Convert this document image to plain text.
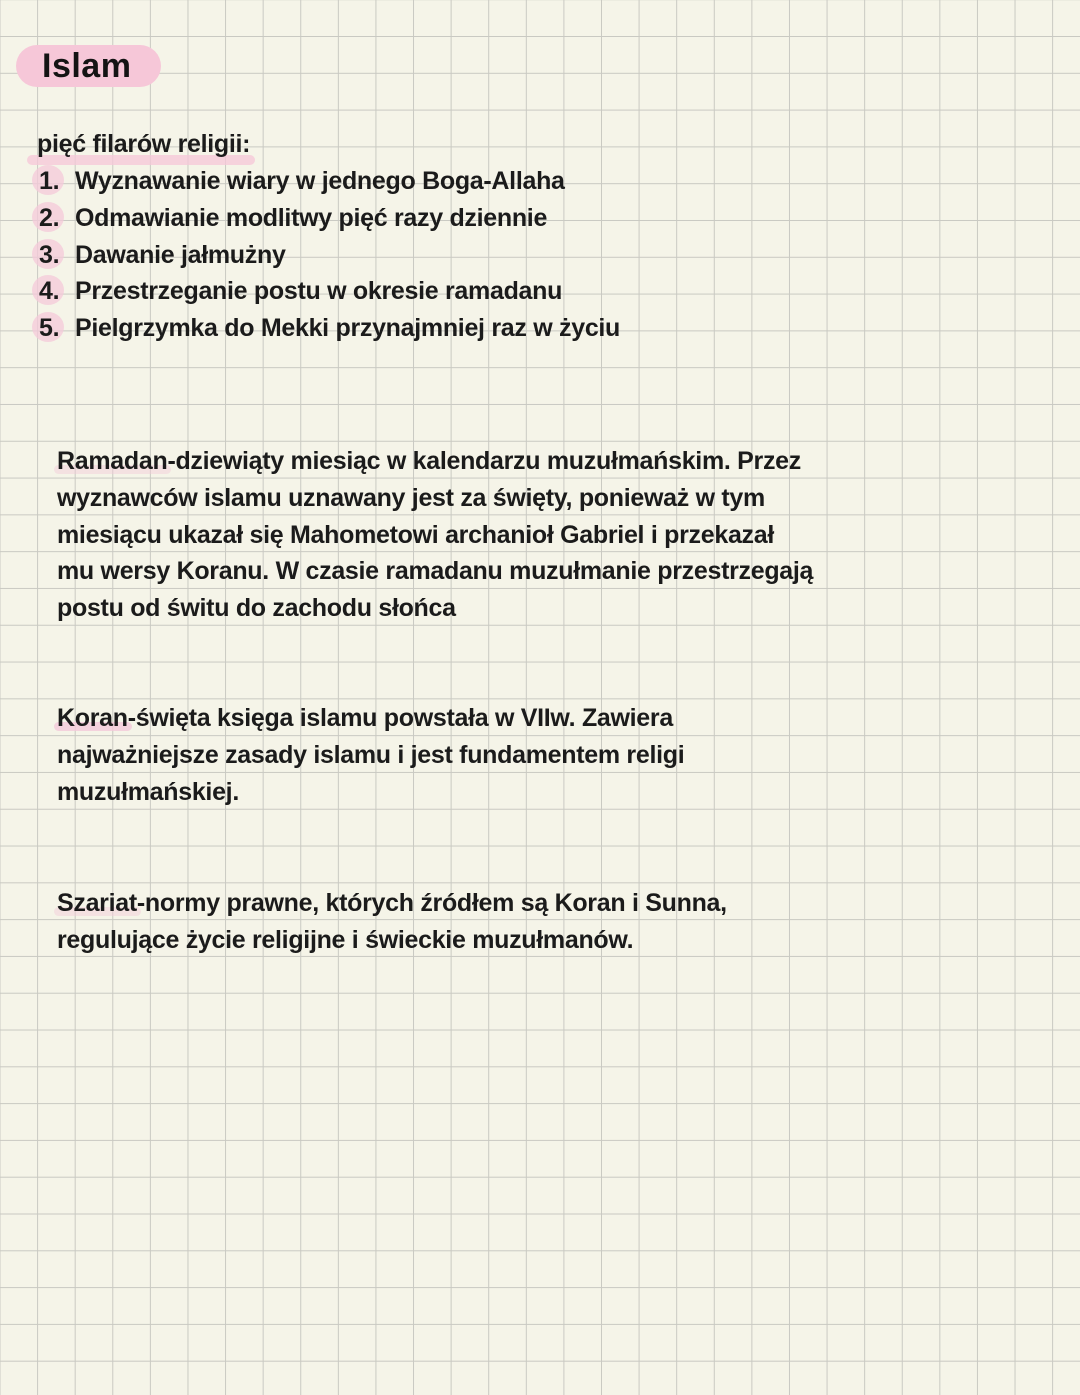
Islam
pięć filarów religii:
1. Wyznawanie wiary w jednego Boga-Allaha
2. Odmawianie modlitwy pięć razy dziennie
3. Dawanie jałmużny
4. Przestrzeganie postu w okresie ramadanu
5. Pielgrzymka do Mekki przynajmniej raz w życiu
Ramadan-dziewiąty miesiąc w kalendarzu muzułmańskim. Przez
wyznawców islamu uznawany jest za święty, ponieważ w tym
miesiącu ukazał się Mahometowi archanioł Gabriel i przekazał
mu wersy Koranu. W czasie ramadanu muzułmanie przestrzegają
postu od świtu do zachodu słońca
Koran-święta księga islamu powstała w VIIw. Zawiera
najważniejsze zasady islamu i jest fundamentem religi
muzułmańskiej.
Szariat-normy prawne, których źródłem są Koran i Sunna,
regulujące życie religijne i świeckie muzułmanów.
